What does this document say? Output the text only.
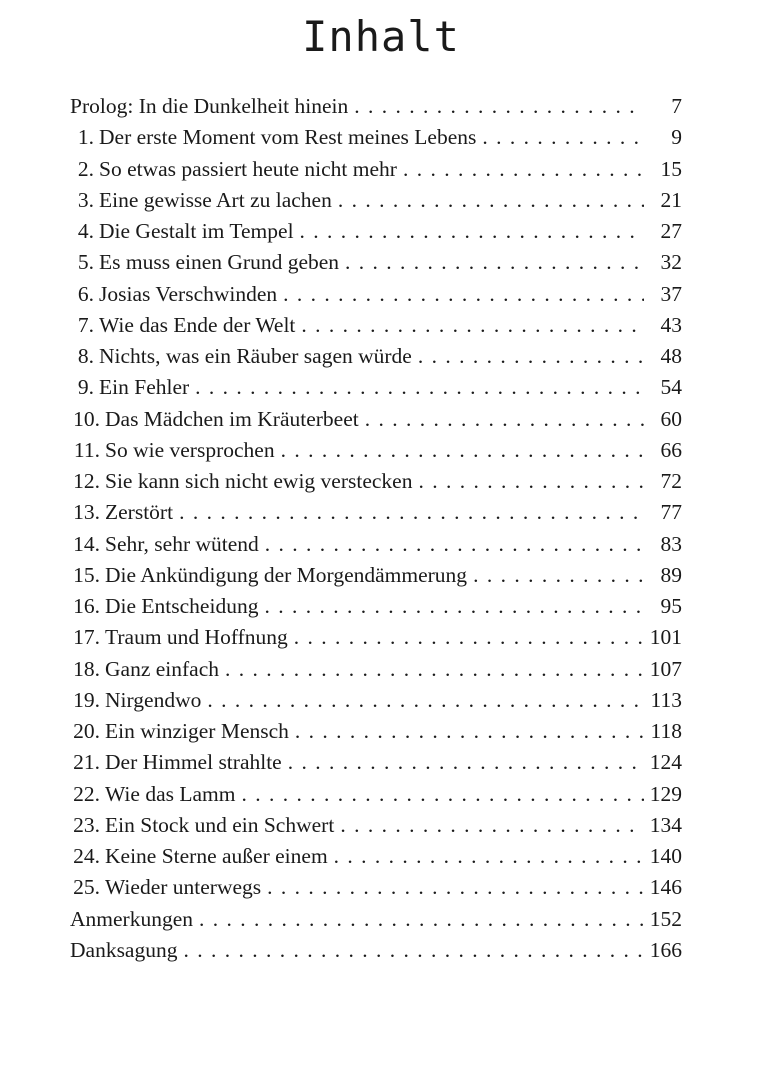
Inhalt
Prolog: In die Dunkelheit hinein . . .	7
1. Der erste Moment vom Rest meines Lebens . . .	9
2. So etwas passiert heute nicht mehr . . .	15
3. Eine gewisse Art zu lachen . . .	21
4. Die Gestalt im Tempel . . .	27
5. Es muss einen Grund geben . . .	32
6. Josias Verschwinden . . .	37
7. Wie das Ende der Welt . . .	43
8. Nichts, was ein Räuber sagen würde . . .	48
9. Ein Fehler . . .	54
10. Das Mädchen im Kräuterbeet . . .	60
11. So wie versprochen . . .	66
12. Sie kann sich nicht ewig verstecken . . .	72
13. Zerstört . . .	77
14. Sehr, sehr wütend . . .	83
15. Die Ankündigung der Morgendämmerung . . .	89
16. Die Entscheidung . . .	95
17. Traum und Hoffnung . . .	101
18. Ganz einfach . . .	107
19. Nirgendwo . . .	113
20. Ein winziger Mensch . . .	118
21. Der Himmel strahlte . . .	124
22. Wie das Lamm . . .	129
23. Ein Stock und ein Schwert . . .	134
24. Keine Sterne außer einem . . .	140
25. Wieder unterwegs . . .	146
Anmerkungen . . .	152
Danksagung . . .	166
